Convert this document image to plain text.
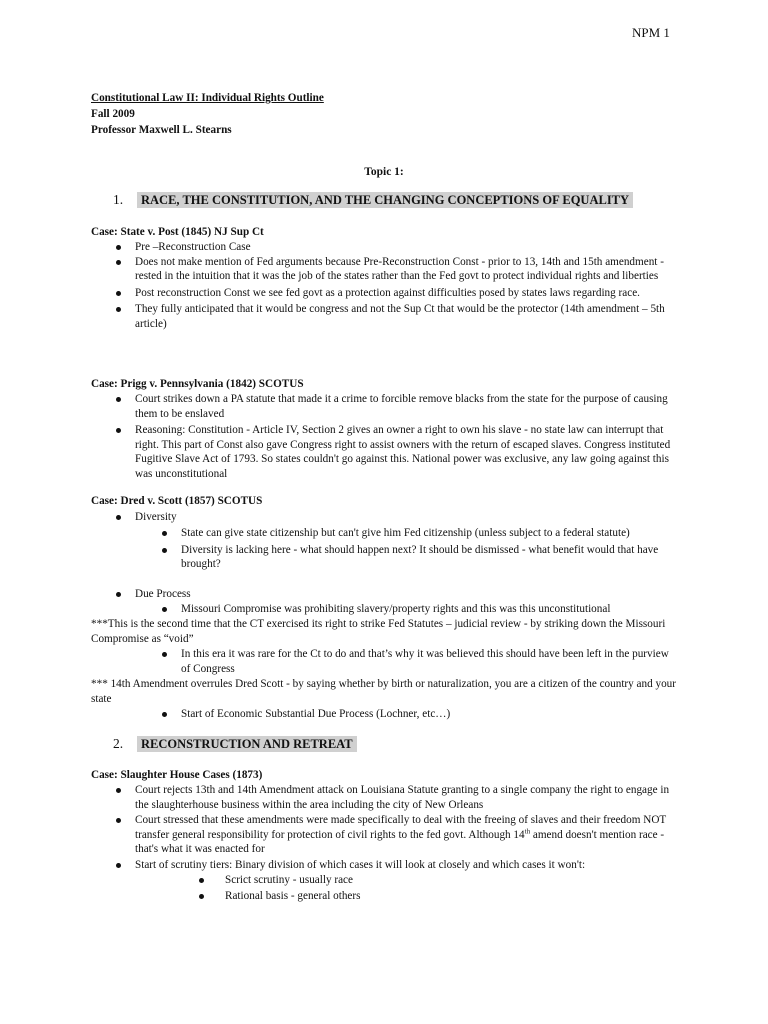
NPM 1
Constitutional Law II: Individual Rights Outline
Fall 2009
Professor Maxwell L. Stearns
Topic 1:
1. RACE, THE CONSTITUTION, AND THE CHANGING CONCEPTIONS OF EQUALITY
Case: State v. Post (1845) NJ Sup Ct
Pre –Reconstruction Case
Does not make mention of Fed arguments because Pre-Reconstruction Const - prior to 13, 14th and 15th amendment - rested in the intuition that it was the job of the states rather than the Fed govt to protect individual rights and liberties
Post reconstruction Const we see fed govt as a protection against difficulties posed by states laws regarding race.
They fully anticipated that it would be congress and not the Sup Ct that would be the protector (14th amendment – 5th article)
Case: Prigg v. Pennsylvania (1842) SCOTUS
Court strikes down a PA statute that made it a crime to forcible remove blacks from the state for the purpose of causing them to be enslaved
Reasoning: Constitution - Article IV, Section 2 gives an owner a right to own his slave - no state law can interrupt that right. This part of Const also gave Congress right to assist owners with the return of escaped slaves. Congress instituted Fugitive Slave Act of 1793. So states couldn't go against this. National power was exclusive, any law going against this was unconstitutional
Case: Dred v. Scott (1857) SCOTUS
Diversity
State can give state citizenship but can't give him Fed citizenship (unless subject to a federal statute)
Diversity is lacking here - what should happen next? It should be dismissed - what benefit would that have brought?
Due Process
Missouri Compromise was prohibiting slavery/property rights and this was this unconstitutional
***This is the second time that the CT exercised its right to strike Fed Statutes – judicial review - by striking down the Missouri Compromise as “void”
In this era it was rare for the Ct to do and that’s why it was believed this should have been left in the purview of Congress
*** 14th Amendment overrules Dred Scott - by saying whether by birth or naturalization, you are a citizen of the country and your state
Start of Economic Substantial Due Process (Lochner, etc…)
2. RECONSTRUCTION AND RETREAT
Case: Slaughter House Cases (1873)
Court rejects 13th and 14th Amendment attack on Louisiana Statute granting to a single company the right to engage in the slaughterhouse business within the area including the city of New Orleans
Court stressed that these amendments were made specifically to deal with the freeing of slaves and their freedom NOT transfer general responsibility for protection of civil rights to the fed govt. Although 14th amend doesn't mention race - that's what it was enacted for
Start of scrutiny tiers: Binary division of which cases it will look at closely and which cases it won't:
Scrict scrutiny - usually race
Rational basis - general others
